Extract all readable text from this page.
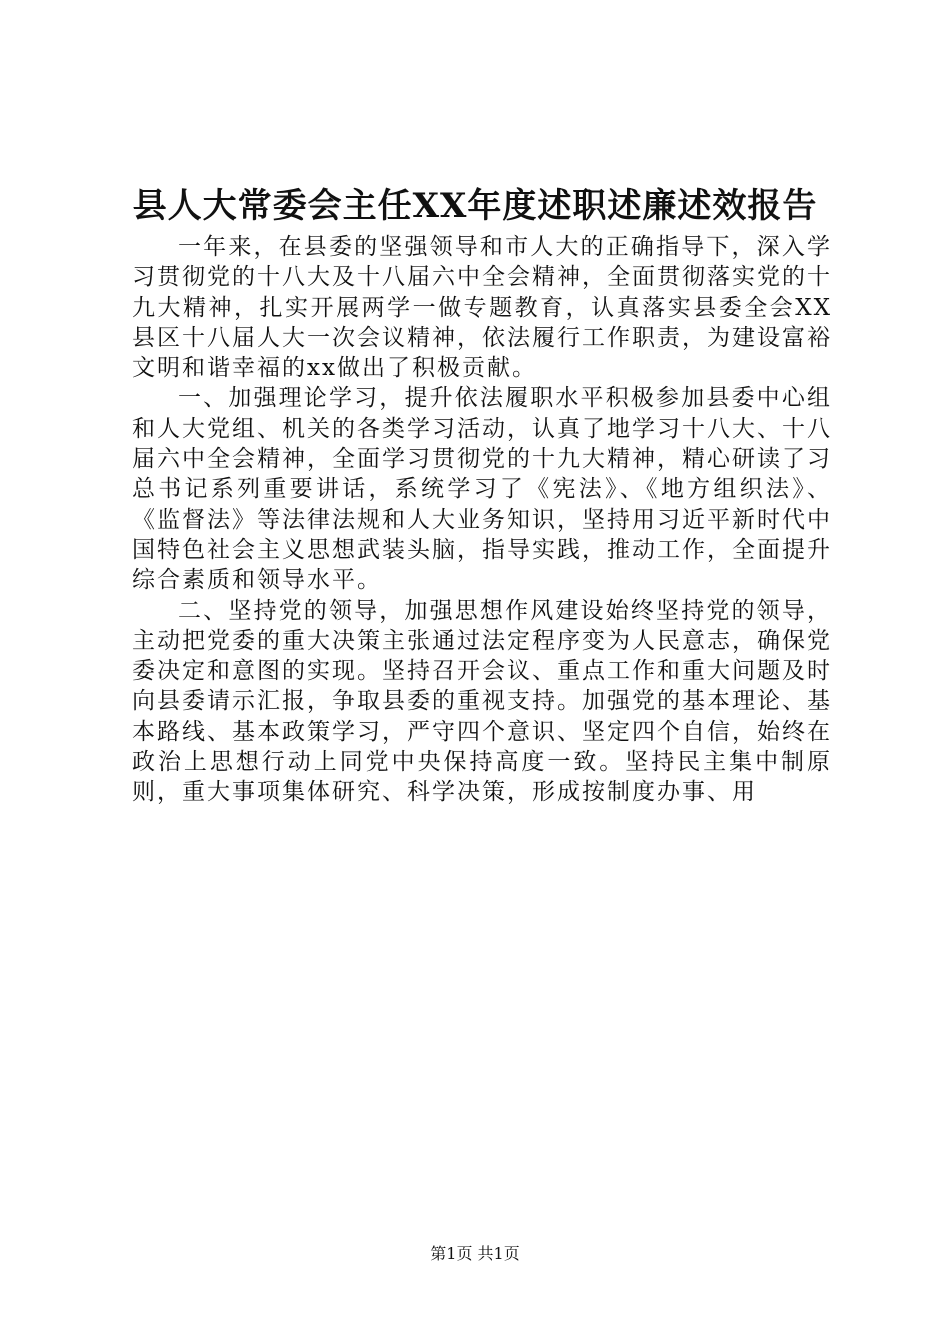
县人大常委会主任XX年度述职述廉述效报告

一年来，在县委的坚强领导和市人大的正确指导下，深入学习贯彻党的十八大及十八届六中全会精神，全面贯彻落实党的十九大精神，扎实开展两学一做专题教育，认真落实县委全会XX县区十八届人大一次会议精神，依法履行工作职责，为建设富裕文明和谐幸福的xx做出了积极贡献。

一、加强理论学习，提升依法履职水平积极参加县委中心组和人大党组、机关的各类学习活动，认真了地学习十八大、十八届六中全会精神，全面学习贯彻党的十九大精神，精心研读了习总书记系列重要讲话，系统学习了《宪法》、《地方组织法》、《监督法》等法律法规和人大业务知识，坚持用习近平新时代中国特色社会主义思想武装头脑，指导实践，推动工作，全面提升综合素质和领导水平。

二、坚持党的领导，加强思想作风建设始终坚持党的领导，主动把党委的重大决策主张通过法定程序变为人民意志，确保党委决定和意图的实现。坚持召开会议、重点工作和重大问题及时向县委请示汇报，争取县委的重视支持。加强党的基本理论、基本路线、基本政策学习，严守四个意识、坚定四个自信，始终在政治上思想行动上同党中央保持高度一致。坚持民主集中制原则，重大事项集体研究、科学决策，形成按制度办事、用

第1页 共1页
